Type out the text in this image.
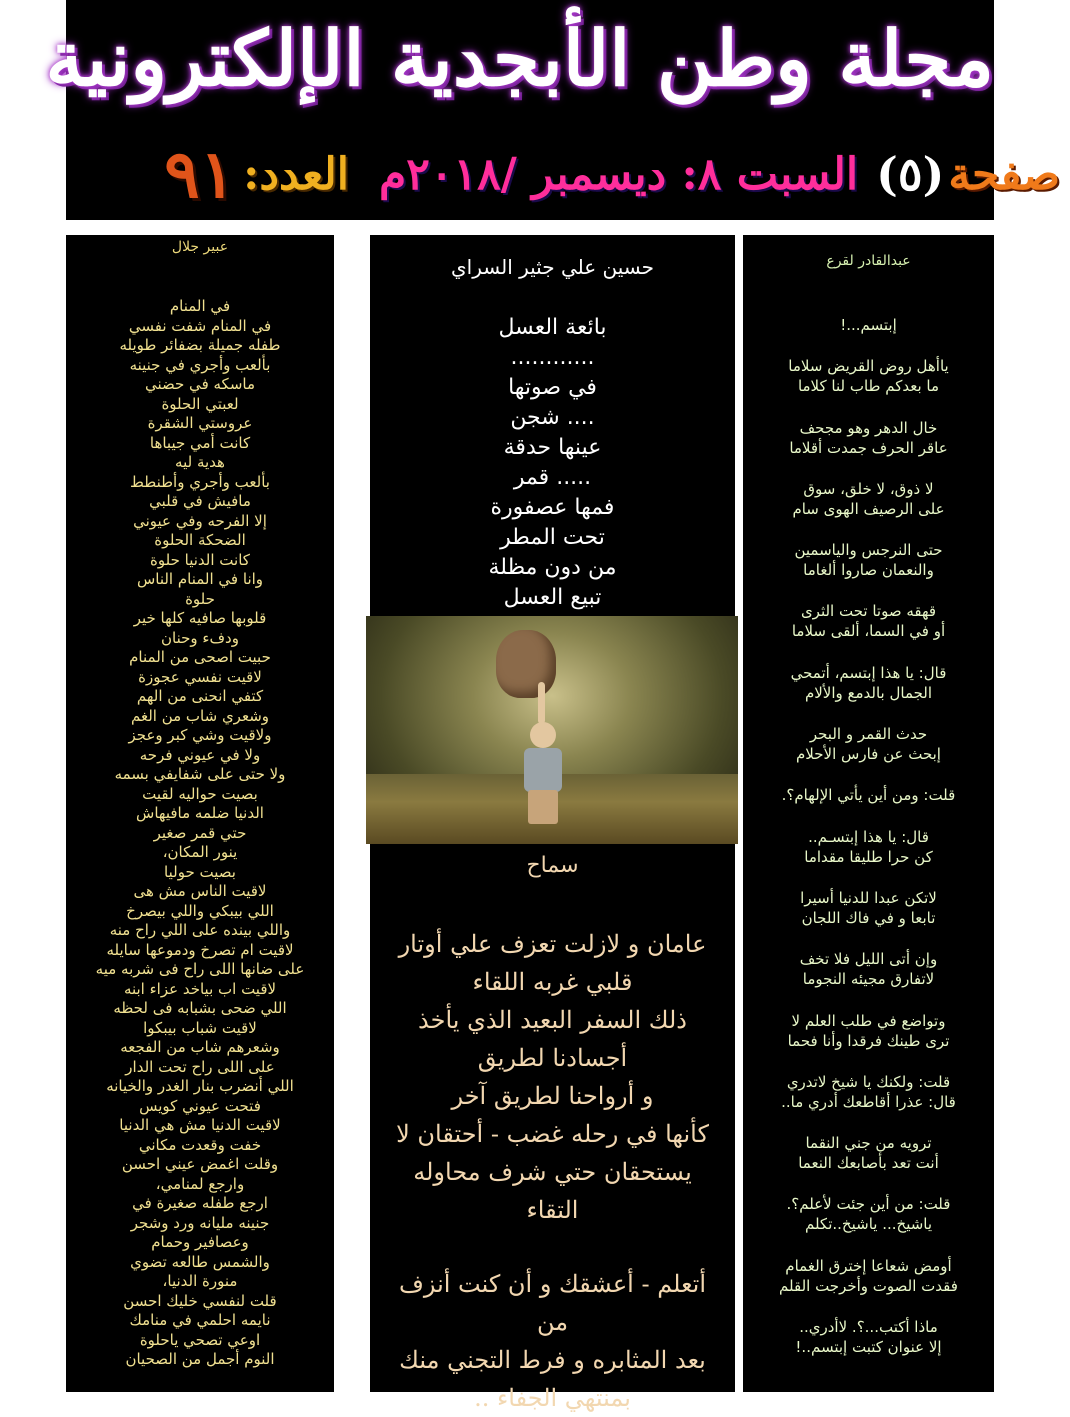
مجلة وطن الأبجدية الإلكترونية
صفحة(٥)السبت ٨: ديسمبر /٢٠١٨مالعدد:٩١
عبير جلال
في المنام
في المنام شفت نفسي
طفله جميلة بضفائر طويله
بألعب وأجري في جنينه
ماسكه في حضني
لعبتي الحلوة
عروستي الشقرة
كانت أمي جيباها
هدية ليه
بألعب وأجري وأطنطط
مافيش في قلبي
إلا الفرحه وفي عيوني
الضحكة الحلوة
كانت الدنيا حلوة
وانا في المنام الناس
حلوة
قلوبها صافيه كلها خير
ودفء وحنان
حبيت اصحى من المنام
لاقيت نفسي عجوزة
كتفي انحنى من الهم
وشعري شاب من الغم
ولاقيت وشي كبر وعجز
ولا في عيوني فرحه
ولا حتى على شفايفي بسمه
بصيت حواليه لقيت
الدنيا ضلمه مافيهاش
حتي قمر صغير
ينور المكان،
بصيت حوليا
لاقيت الناس مش هى
اللي بيبكي واللي بيصرخ
واللي بينده على اللي راح منه
لاقيت ام تصرخ ودموعها سايله
على ضانها اللى راح فى شربه ميه
لاقيت اب بياخد عزاء ابنه
اللي ضحى بشبابه فى لحظه
لاقيت شباب بيبكوا
وشعرهم شاب من الفجعه
على اللى راح تحت الدار
اللي أنضرب بنار الغدر والخيانه
فتحت عيوني كويس
لاقيت الدنيا مش هي الدنيا
خفت وقعدت مكاني
وقلت اغمض عيني احسن
وارجع لمنامي،
ارجع طفله صغيرة في
جنينه مليانه ورد وشجر
وعصافير وحمام
والشمس طالعه تضوي
منورة الدنيا،
قلت لنفسي خليك احسن
نايمه احلمي في منامك
اوعي تصحي ياحلوة
النوم أجمل من الصحيان
حسين علي جثير السراي
بائعة العسل
............
في صوتها
.... شجن
عينها حدقة
..... قمر
فمها عصفورة
تحت المطر
من دون مظلة
تبيع العسل
سماح
عامان و لازلت تعزف علي أوتار
قلبي غربه اللقاء
ذلك السفر البعيد الذي يأخذ
أجسادنا لطريق
و أرواحنا لطريق آخر
كأنها في رحله غضب - أحتقان لا
يستحقان حتي شرف محاوله
التقاء
أتعلم - أعشقك و أن كنت أنزف من
بعد المثابره و فرط التجني منك
بمنتهي الجفاء ..
عبدالقادر لقرع
إبتسم...!
ياأهل روض القريض سلاما
ما بعدكم طاب لنا كلاما
خال الدهر وهو مجحف
عاقر الحرف جمدت أقلاما
لا ذوق، لا خلق، سوق
على الرصيف الهوى سام
حتى النرجس والياسمين
والنعمان صاروا ألغاما
قهقه صوتا تحت الثرى
أو في السما، ألقى سلاما
قال: يا هذا إبتسم، أتمحي
الجمال بالدمع والألام
حدث القمر و البحر
إبحث عن فارس الأحلام
قلت: ومن أين يأتي الإلهام؟.
قال: يا هذا إبتسـم..
كن حرا طليقا مقداما
لاتكن عبدا للدنيا أسيرا
تابعا و في فاك اللجان
وإن أتى الليل فلا تخف
لاتفارق مجيئه النجوما
وتواضع في طلب العلم لا
ترى طينك فرقدا وأنا فحما
قلت: ولكنك يا شيخ لاتدري
قال: عذرا أقاطعك أدري ما..
ترويه من جني النقما
أنت تعد بأصابعك النعما
قلت: من أين جئت لأعلم؟.
ياشيخ... ياشيخ..تكلم
أومض شعاعا إخترق الغمام
فقدت الصوت وأخرجت القلم
ماذا أكتب...؟. لاأدري..
إلا عنوان كتبت إبتسم..!
